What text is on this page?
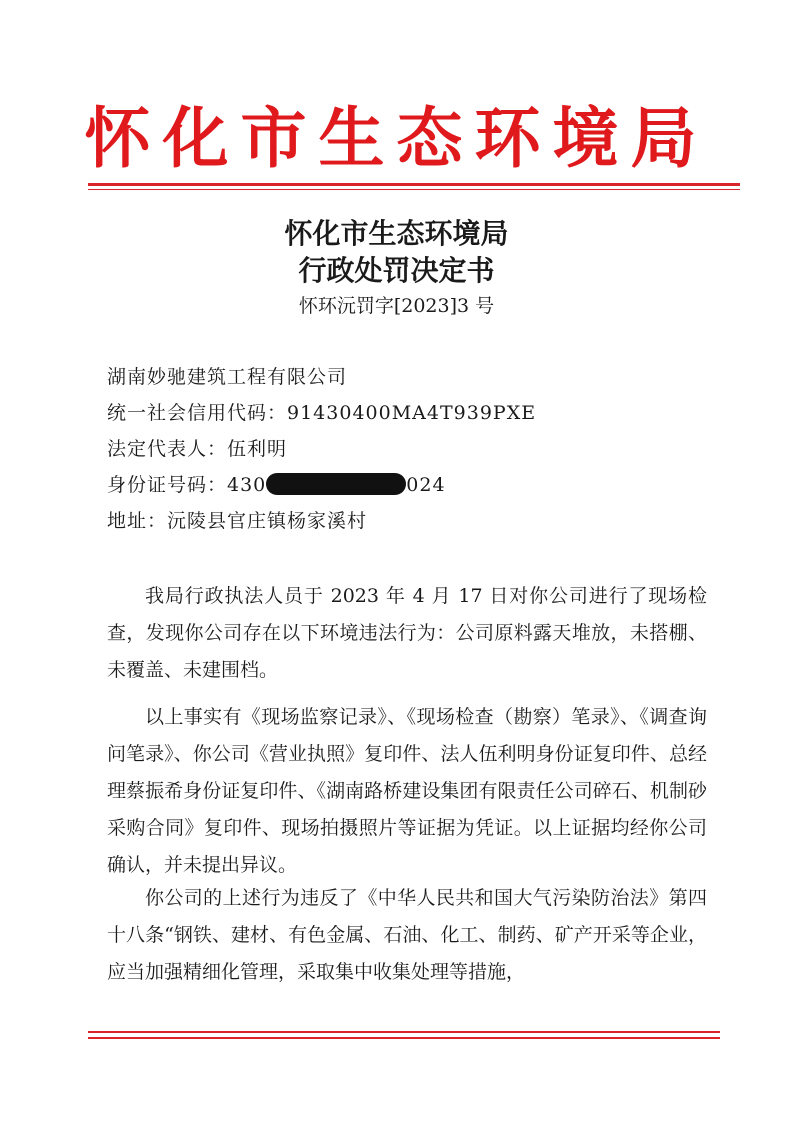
怀化市生态环境局
怀化市生态环境局
行政处罚决定书
怀环沅罚字[2023]3 号
湖南妙驰建筑工程有限公司
统一社会信用代码：91430400MA4T939PXE
法定代表人：伍利明
身份证号码：430	024
地址：沅陵县官庄镇杨家溪村
我局行政执法人员于 2023 年 4 月 17 日对你公司进行了现场检查，发现你公司存在以下环境违法行为：公司原料露天堆放，未搭棚、未覆盖、未建围档。
以上事实有《现场监察记录》、《现场检查（勘察）笔录》、《调查询问笔录》、你公司《营业执照》复印件、法人伍利明身份证复印件、总经理蔡振希身份证复印件、《湖南路桥建设集团有限责任公司碎石、机制砂采购合同》复印件、现场拍摄照片等证据为凭证。以上证据均经你公司确认，并未提出异议。
你公司的上述行为违反了《中华人民共和国大气污染防治法》第四十八条“钢铁、建材、有色金属、石油、化工、制药、矿产开采等企业，应当加强精细化管理，采取集中收集处理等措施，
